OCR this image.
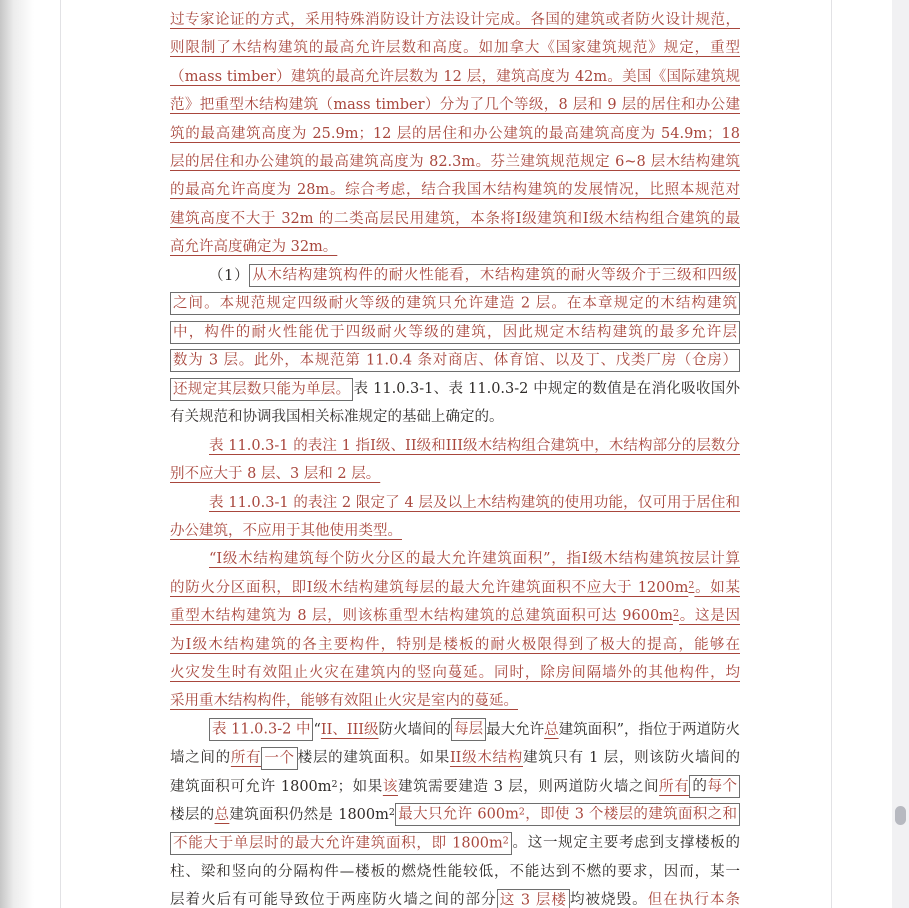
过专家论证的方式，采用特殊消防设计方法设计完成。各国的建筑或者防火设计规范，
则限制了木结构建筑的最高允许层数和高度。如加拿大《国家建筑规范》规定，重型
（mass timber）建筑的最高允许层数为 12 层，建筑高度为 42m。美国《国际建筑规
范》把重型木结构建筑（mass timber）分为了几个等级，8 层和 9 层的居住和办公建
筑的最高建筑高度为 25.9m；12 层的居住和办公建筑的最高建筑高度为 54.9m；18
层的居住和办公建筑的最高建筑高度为 82.3m。芬兰建筑规范规定 6~8 层木结构建筑
的最高允许高度为 28m。综合考虑，结合我国木结构建筑的发展情况，比照本规范对
建筑高度不大于 32m 的二类高层民用建筑，本条将I级建筑和I级木结构组合建筑的最
高允许高度确定为 32m。
（1） 从木结构建筑构件的耐火性能看，木结构建筑的耐火等级介于三级和四级
之间。本规范规定四级耐火等级的建筑只允许建造 2 层。在本章规定的木结构建筑
中，构件的耐火性能优于四级耐火等级的建筑，因此规定木结构建筑的最多允许层
数为 3 层。此外，本规范第 11.0.4 条对商店、体育馆、以及丁、戊类厂房（仓房）
还规定其层数只能为单层。 表 11.0.3-1、表 11.0.3-2 中规定的数值是在消化吸收国外
有关规范和协调我国相关标准规定的基础上确定的。
表 11.0.3-1 的表注 1 指I级、II级和III级木结构组合建筑中，木结构部分的层数分
别不应大于 8 层、3 层和 2 层。
表 11.0.3-1 的表注 2 限定了 4 层及以上木结构建筑的使用功能，仅可用于居住和
办公建筑，不应用于其他使用类型。
“I级木结构建筑每个防火分区的最大允许建筑面积”，指I级木结构建筑按层计算
的防火分区面积，即I级木结构建筑每层的最大允许建筑面积不应大于 $1200m^2$。如某
重型木结构建筑为 8 层，则该栋重型木结构建筑的总建筑面积可达 $9600m^2$。这是因
为I级木结构建筑的各主要构件，特别是楼板的耐火极限得到了极大的提高，能够在
火灾发生时有效阻止火灾在建筑内的竖向蔓延。同时，除房间隔墙外的其他构件，均
采用重木结构构件，能够有效阻止火灾是室内的蔓延。
表 11.0.3-2 中 “II、III级防火墙间的 每层 最大允许总建筑面积”，指位于两道防火
墙之间的所有 一个 楼层的建筑面积。如果II级木结构建筑只有 1 层，则该防火墙间的
建筑面积可允许 $1800m^2$；如果该建筑需要建造 3 层，则两道防火墙之间所有 的每个
楼层的总建筑面积仍然是 $1800m^2$ 最大只允许 $600m^2$，即使 3 个楼层的建筑面积之和
不能大于单层时的最大允许建筑面积，即 $1800m^2$ 。这一规定主要考虑到支撑楼板的
柱、梁和竖向的分隔构件—楼板的燃烧性能较低，不能达到不燃的要求，因而，某一
层着火后有可能导致位于两座防火墙之间的部分 这 3 层楼 均被烧毁。但在执行本条
